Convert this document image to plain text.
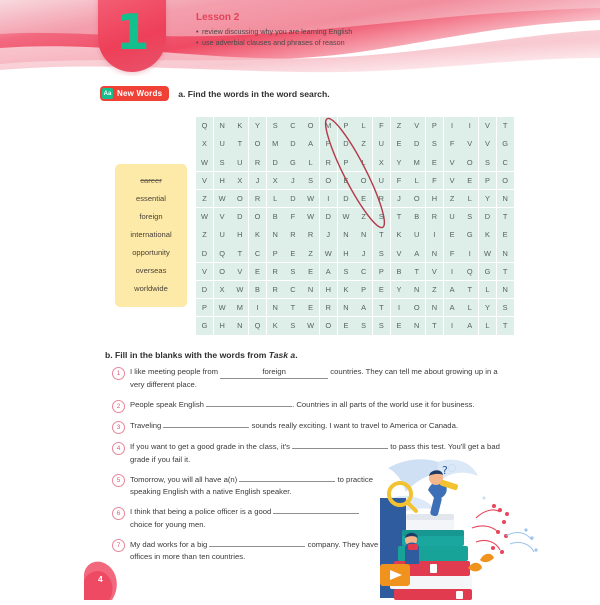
1	Lesson 2
• review discussing why you are learning English
• use adverbial clauses and phrases of reason
Aa New Words a. Find the words in the word search.
career
essential
foreign
international
opportunity
overseas
worldwide
Q	N	K	Y	S	C	O	M	P	L	F	Z	V	P	I	I	V	T
X	U	T	O	M	D	A	P	D	Z	U	E	D	S	F	V	V	G
W	S	U	R	D	G	L	R	P	L	X	Y	M	E	V	O	S	C
V	H	X	J	X	J	S	O	E	O	U	F	L	F	V	E	P	O
Z	W	O	R	L	D	W	I	D	E	R	J	O	H	Z	L	Y	N
W	V	D	O	B	F	W	D	W	Z	S	T	B	R	U	S	D	T
Z	U	H	K	N	R	R	J	N	N	T	K	U	I	E	G	K	E
D	Q	T	C	P	E	Z	W	H	J	S	V	A	N	F	I	W	N
V	O	V	E	R	S	E	A	S	C	P	B	T	V	I	Q	G	T
D	X	W	B	R	C	N	H	K	P	E	Y	N	Z	A	T	L	N
P	W	M	I	N	T	E	R	N	A	T	I	O	N	A	L	Y	S
G	H	N	Q	K	S	W	O	E	S	S	E	N	T	I	A	L	T
b. Fill in the blanks with the words from Task a.
1	I like meeting people from	foreign	countries. They can tell me about growing up in a very different place.
2	People speak English	. Countries in all parts of the world use it for business.
3	Traveling	sounds really exciting. I want to travel to America or Canada.
4	If you want to get a good grade in the class, it's	to pass this test. You'll get a bad grade if you fail it.
5	Tomorrow, you will all have a(n)	to practice speaking English with a native English speaker.
6	I think that being a police officer is a good  choice for young men.
7	My dad works for a big	company. They have offices in more than ten countries.
?
4
